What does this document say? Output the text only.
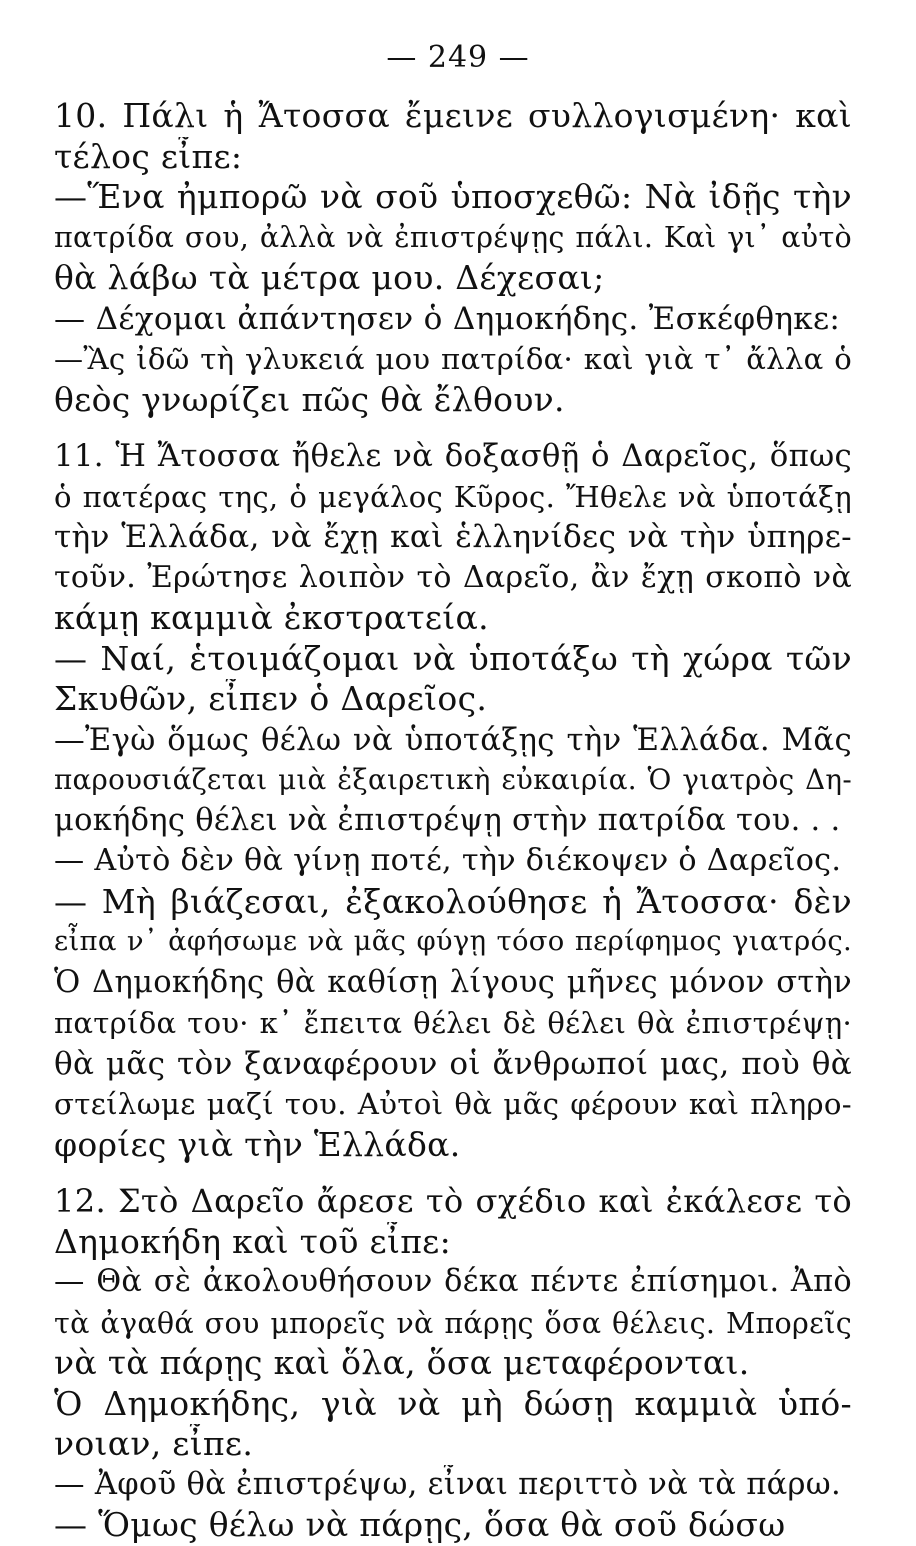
— 249 —
10. Πάλι ἡ Ἄτοσσα ἔμεινε συλλογισμένη· καὶ
τέλος εἶπε:
—Ἕνα ἠμπορῶ νὰ σοῦ ὑποσχεθῶ: Νὰ ἰδῇς τὴν
πατρίδα σου, ἀλλὰ νὰ ἐπιστρέψῃς πάλι. Καὶ γι᾽ αὐτὸ
θὰ λάβω τὰ μέτρα μου. Δέχεσαι;
— Δέχομαι ἀπάντησεν ὁ Δημοκήδης. Ἐσκέφθηκε:
—Ἂς ἰδῶ τὴ γλυκειά μου πατρίδα· καὶ γιὰ τ᾽ ἄλλα ὁ
θεὸς γνωρίζει πῶς θὰ ἔλθουν.
11. Ἡ Ἄτοσσα ἤθελε νὰ δοξασθῇ ὁ Δαρεῖος, ὅπως
ὁ πατέρας της, ὁ μεγάλος Κῦρος. Ἤθελε νὰ ὑποτάξῃ
τὴν Ἑλλάδα, νὰ ἔχῃ καὶ ἑλληνίδες νὰ τὴν ὑπηρε-
τοῦν. Ἐρώτησε λοιπὸν τὸ Δαρεῖο, ἂν ἔχῃ σκοπὸ νὰ
κάμῃ καμμιὰ ἐκστρατεία.
— Ναί, ἑτοιμάζομαι νὰ ὑποτάξω τὴ χώρα τῶν
Σκυθῶν, εἶπεν ὁ Δαρεῖος.
—Ἐγὼ ὅμως θέλω νὰ ὑποτάξῃς τὴν Ἑλλάδα. Μᾶς
παρουσιάζεται μιὰ ἐξαιρετικὴ εὐκαιρία. Ὁ γιατρὸς Δη-
μοκήδης θέλει νὰ ἐπιστρέψῃ στὴν πατρίδα του. . .
— Αὐτὸ δὲν θὰ γίνῃ ποτέ, τὴν διέκοψεν ὁ Δαρεῖος.
— Μὴ βιάζεσαι, ἐξακολούθησε ἡ Ἄτοσσα· δὲν
εἶπα ν᾽ ἀφήσωμε νὰ μᾶς φύγῃ τόσο περίφημος γιατρός.
Ὁ Δημοκήδης θὰ καθίσῃ λίγους μῆνες μόνον στὴν
πατρίδα του· κ᾽ ἔπειτα θέλει δὲ θέλει θὰ ἐπιστρέψῃ·
θὰ μᾶς τὸν ξαναφέρουν οἱ ἄνθρωποί μας, ποὺ θὰ
στείλωμε μαζί του. Αὐτοὶ θὰ μᾶς φέρουν καὶ πληρο-
φορίες γιὰ τὴν Ἑλλάδα.
12. Στὸ Δαρεῖο ἄρεσε τὸ σχέδιο καὶ ἐκάλεσε τὸ
Δημοκήδη καὶ τοῦ εἶπε:
— Θὰ σὲ ἀκολουθήσουν δέκα πέντε ἐπίσημοι. Ἀπὸ
τὰ ἀγαθά σου μπορεῖς νὰ πάρῃς ὅσα θέλεις. Μπορεῖς
νὰ τὰ πάρῃς καὶ ὅλα, ὅσα μεταφέρονται.
Ὁ Δημοκήδης, γιὰ νὰ μὴ δώσῃ καμμιὰ ὑπό-
νοιαν, εἶπε.
— Ἀφοῦ θὰ ἐπιστρέψω, εἶναι περιττὸ νὰ τὰ πάρω.
— Ὅμως θέλω νὰ πάρῃς, ὅσα θὰ σοῦ δώσω
